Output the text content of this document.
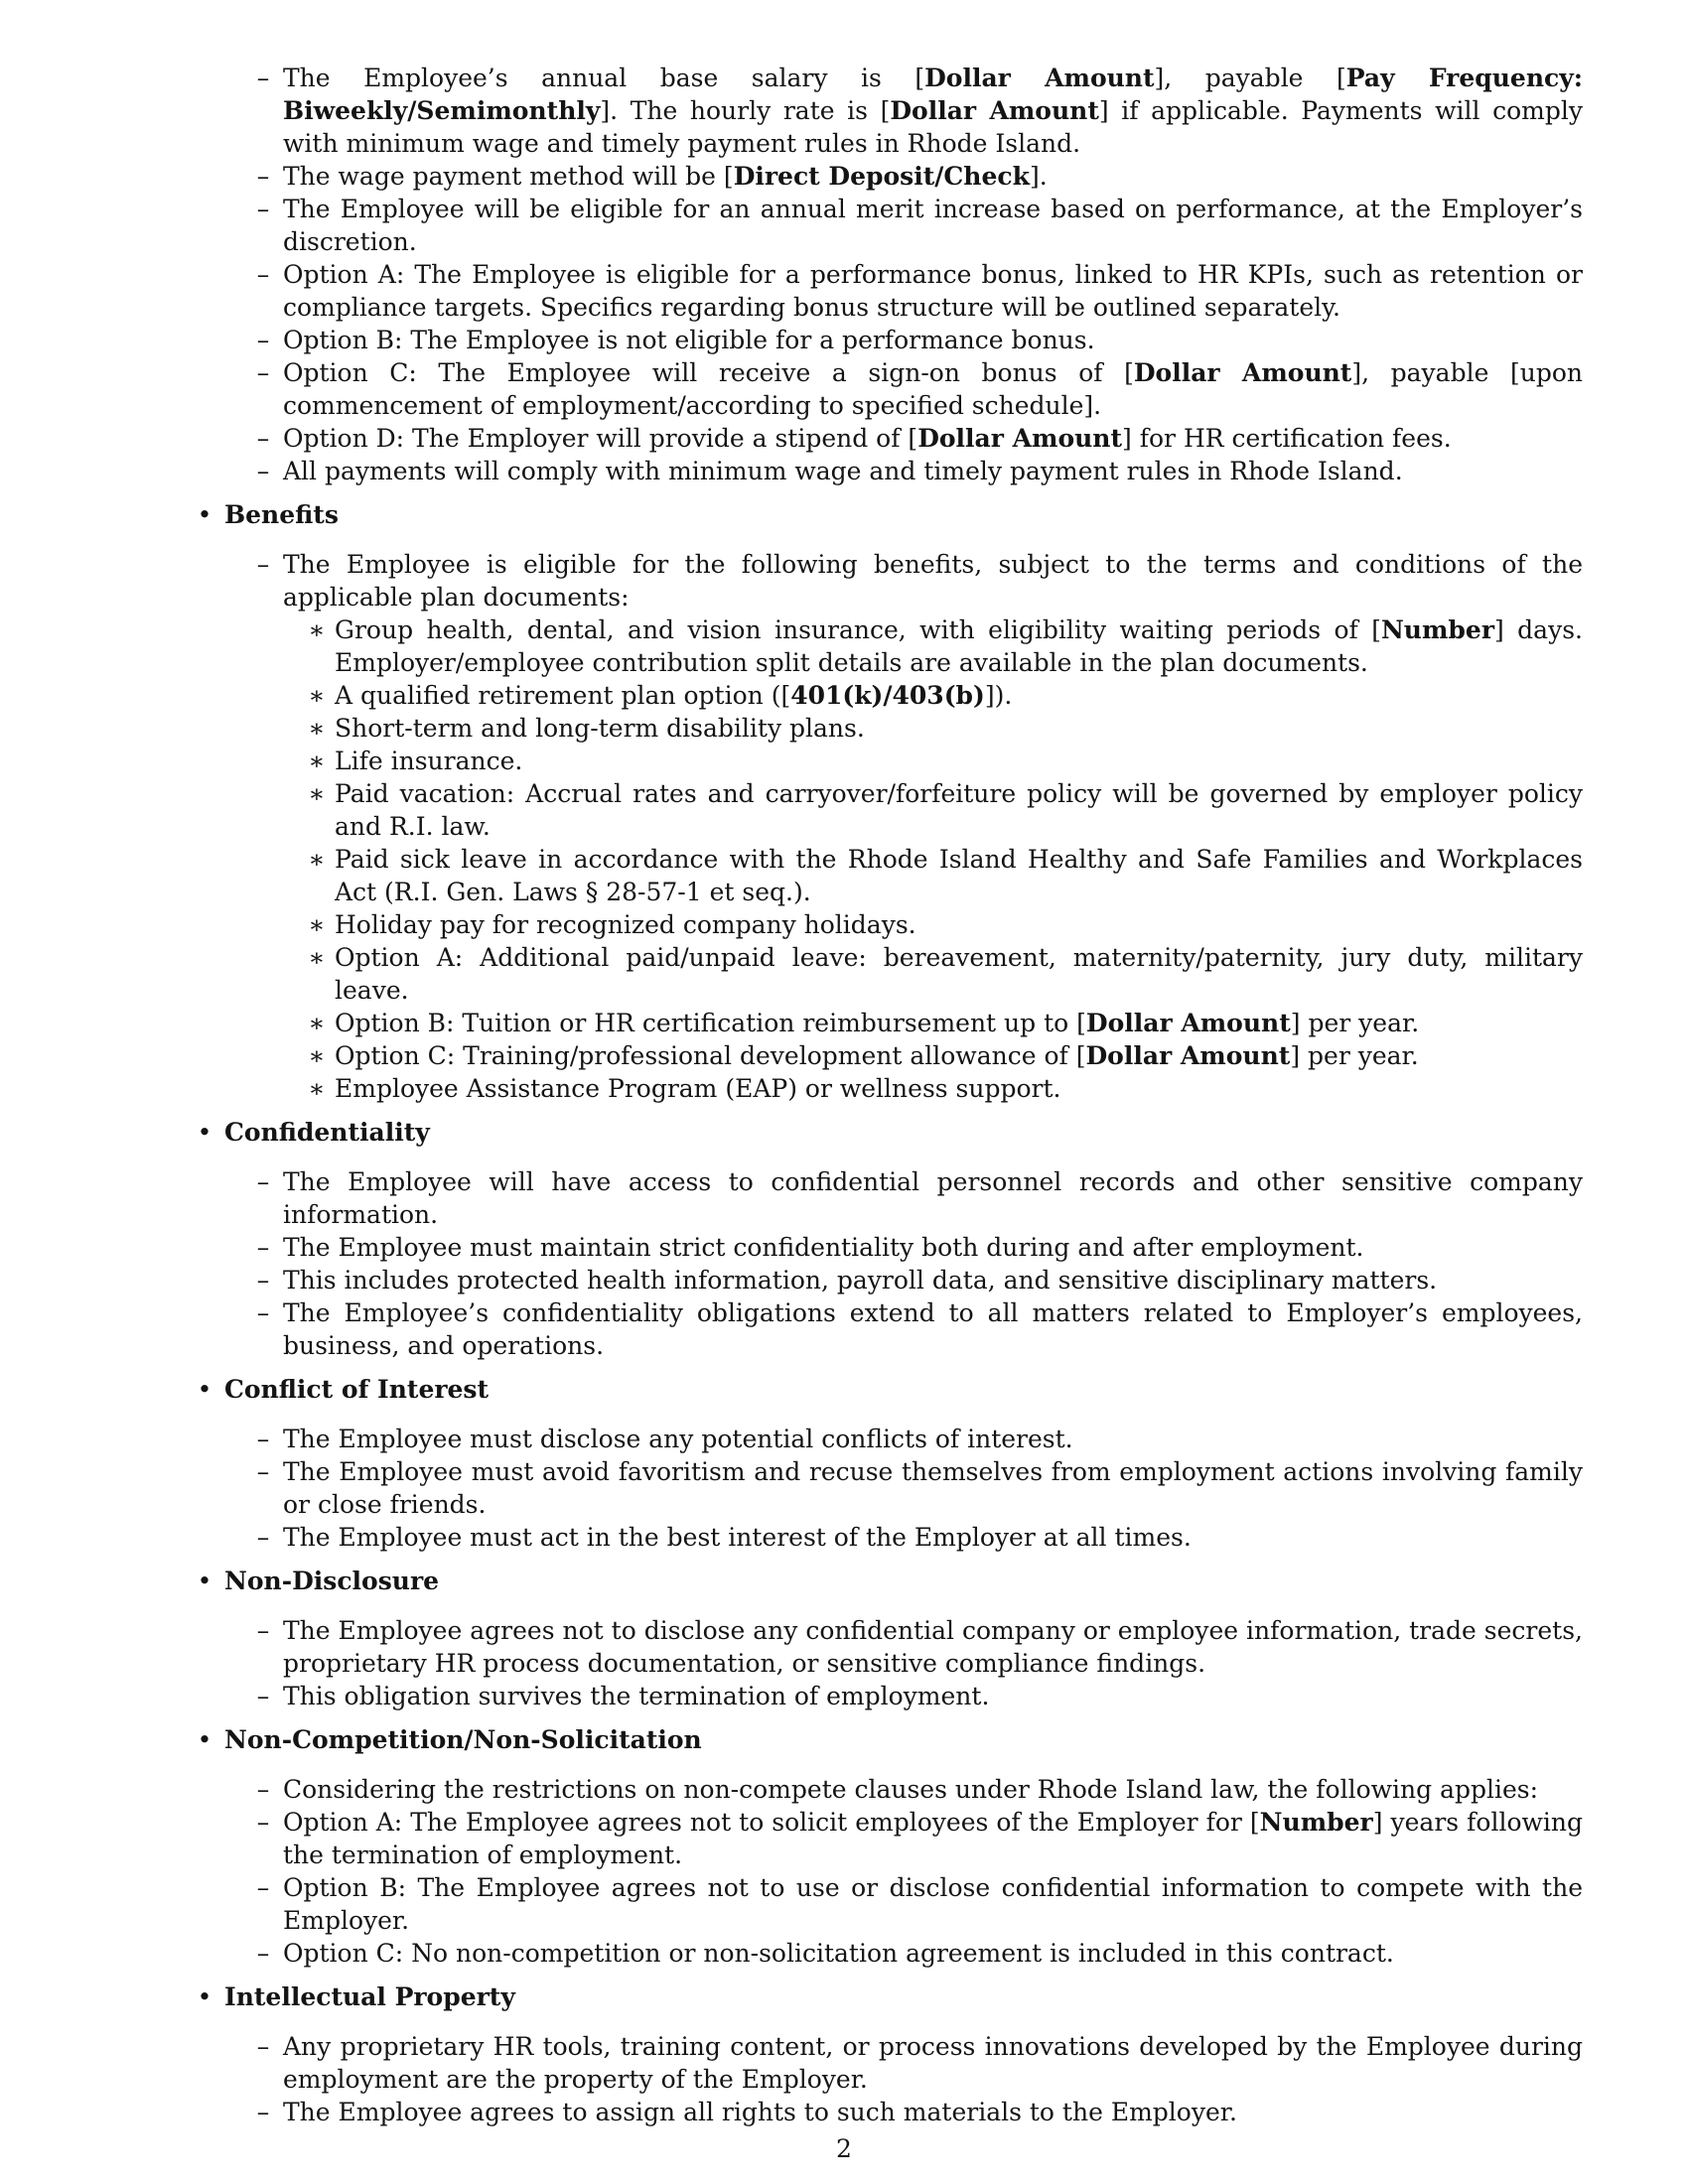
– The Employee’s annual base salary is [Dollar Amount], payable [Pay Frequency: Biweekly/Semimonthly]. The hourly rate is [Dollar Amount] if applicable. Payments will comply with minimum wage and timely payment rules in Rhode Island.
– The wage payment method will be [Direct Deposit/Check].
– The Employee will be eligible for an annual merit increase based on performance, at the Employer’s discretion.
– Option A: The Employee is eligible for a performance bonus, linked to HR KPIs, such as retention or compliance targets. Specifics regarding bonus structure will be outlined separately.
– Option B: The Employee is not eligible for a performance bonus.
– Option C: The Employee will receive a sign-on bonus of [Dollar Amount], payable [upon commencement of employment/according to specified schedule].
– Option D: The Employer will provide a stipend of [Dollar Amount] for HR certification fees.
– All payments will comply with minimum wage and timely payment rules in Rhode Island.
• Benefits
– The Employee is eligible for the following benefits, subject to the terms and conditions of the applicable plan documents:
∗ Group health, dental, and vision insurance, with eligibility waiting periods of [Number] days. Employer/employee contribution split details are available in the plan documents.
∗ A qualified retirement plan option ([401(k)/403(b)]).
∗ Short-term and long-term disability plans.
∗ Life insurance.
∗ Paid vacation: Accrual rates and carryover/forfeiture policy will be governed by employer policy and R.I. law.
∗ Paid sick leave in accordance with the Rhode Island Healthy and Safe Families and Workplaces Act (R.I. Gen. Laws § 28-57-1 et seq.).
∗ Holiday pay for recognized company holidays.
∗ Option A: Additional paid/unpaid leave: bereavement, maternity/paternity, jury duty, military leave.
∗ Option B: Tuition or HR certification reimbursement up to [Dollar Amount] per year.
∗ Option C: Training/professional development allowance of [Dollar Amount] per year.
∗ Employee Assistance Program (EAP) or wellness support.
• Confidentiality
– The Employee will have access to confidential personnel records and other sensitive company information.
– The Employee must maintain strict confidentiality both during and after employment.
– This includes protected health information, payroll data, and sensitive disciplinary matters.
– The Employee’s confidentiality obligations extend to all matters related to Employer’s employees, business, and operations.
• Conflict of Interest
– The Employee must disclose any potential conflicts of interest.
– The Employee must avoid favoritism and recuse themselves from employment actions involving family or close friends.
– The Employee must act in the best interest of the Employer at all times.
• Non-Disclosure
– The Employee agrees not to disclose any confidential company or employee information, trade secrets, proprietary HR process documentation, or sensitive compliance findings.
– This obligation survives the termination of employment.
• Non-Competition/Non-Solicitation
– Considering the restrictions on non-compete clauses under Rhode Island law, the following applies:
– Option A: The Employee agrees not to solicit employees of the Employer for [Number] years following the termination of employment.
– Option B: The Employee agrees not to use or disclose confidential information to compete with the Employer.
– Option C: No non-competition or non-solicitation agreement is included in this contract.
• Intellectual Property
– Any proprietary HR tools, training content, or process innovations developed by the Employee during employment are the property of the Employer.
– The Employee agrees to assign all rights to such materials to the Employer.
2
